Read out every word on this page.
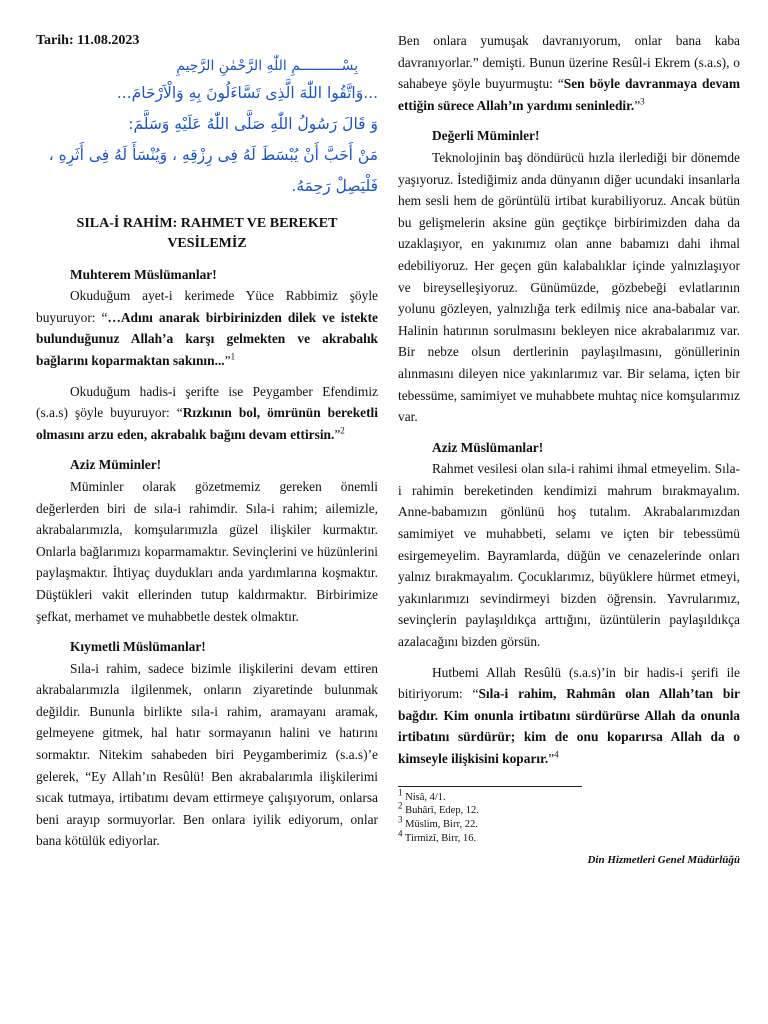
Tarih: 11.08.2023
بِسْــــــــــمِ اللّٰهِ الرَّحْمٰنِ الرَّحِيمِ
...وَاتَّقُوا اللّٰهَ الَّذِى تَسَّاءَلُونَ بِهِ وَالْاَرْحَامَ...
وَ قَالَ رَسُولُ اللّٰهِ صَلَّى اللّٰهُ عَلَيْهِ وَسَلَّمَ:
مَنْ أَحَبَّ أَنْ يُبْسَطَ لَهُ فِى رِزْقِهِ ، وَيُنْسَأَ لَهُ فِى أَثَرِهِ ،
فَلْيَصِلْ رَحِمَهُ.
SILA-İ RAHİM: RAHMET VE BEREKET VESİLEMİZ
Muhterem Müslümanlar!

Okuduğum ayet-i kerimede Yüce Rabbimiz şöyle buyuruyor: “…Adını anarak birbirinizden dilek ve istekte bulunduğunuz Allah’a karşı gelmekten ve akrabalık bağlarını koparmaktan sakının...”$^1$

Okuduğum hadis-i şerifte ise Peygamber Efendimiz (s.a.s) şöyle buyuruyor: “Rızkının bol, ömrünün bereketli olmasını arzu eden, akrabalık bağını devam ettirsin.”$^2$

Aziz Müminler!

Müminler olarak gözetmemiz gereken önemli değerlerden biri de sıla-i rahimdir. Sıla-i rahim; ailemizle, akrabalarımızla, komşularımızla güzel ilişkiler kurmaktır. Onlarla bağlarımızı koparmamaktır. Sevinçlerini ve hüzünlerini paylaşmaktır. İhtiyaç duydukları anda yardımlarına koşmaktır. Düştükleri vakit ellerinden tutup kaldırmaktır. Birbirimize şefkat, merhamet ve muhabbetle destek olmaktır.

Kıymetli Müslümanlar!

Sıla-i rahim, sadece bizimle ilişkilerini devam ettiren akrabalarımızla ilgilenmek, onların ziyaretinde bulunmak değildir. Bununla birlikte sıla-i rahim, aramayanı aramak, gelmeyene gitmek, hal hatır sormayanın halini ve hatırını sormaktır. Nitekim sahabeden biri Peygamberimiz (s.a.s)’e gelerek, “Ey Allah’ın Resûlü! Ben akrabalarımla ilişkilerimi sıcak tutmaya, irtibatımı devam ettirmeye çalışıyorum, onlarsa beni arayıp sormuyorlar. Ben onlara iyilik ediyorum, onlar bana kötülük ediyorlar.

Ben onlara yumuşak davranıyorum, onlar bana kaba davranıyorlar.” demişti. Bunun üzerine Resûl-i Ekrem (s.a.s), o sahabeye şöyle buyurmuştu: “Sen böyle davranmaya devam ettiğin sürece Allah’ın yardımı seninledir.”$^3$

Değerli Müminler!

Teknolojinin baş döndürücü hızla ilerlediği bir dönemde yaşıyoruz. İstediğimiz anda dünyanın diğer ucundaki insanlarla hem sesli hem de görüntülü irtibat kurabiliyoruz. Ancak bütün bu gelişmelerin aksine gün geçtikçe birbirimizden daha da uzaklaşıyor, en yakınımız olan anne babamızı dahi ihmal edebiliyoruz. Her geçen gün kalabalıklar içinde yalnızlaşıyor ve bireyselleşiyoruz. Günümüzde, gözbebeği evlatlarının yolunu gözleyen, yalnızlığa terk edilmiş nice ana-babalar var. Halinin hatırının sorulmasını bekleyen nice akrabalarımız var. Bir nebze olsun dertlerinin paylaşılmasını, gönüllerinin alınmasını dileyen nice yakınlarımız var. Bir selama, içten bir tebessüme, samimiyet ve muhabbete muhtaç nice komşularımız var.

Aziz Müslümanlar!

Rahmet vesilesi olan sıla-i rahimi ihmal etmeyelim. Sıla-i rahimin bereketinden kendimizi mahrum bırakmayalım. Anne-babamızın gönlünü hoş tutalım. Akrabalarımızdan samimiyet ve muhabbeti, selamı ve içten bir tebessümü esirgemeyelim. Bayramlarda, düğün ve cenazelerinde onları yalnız bırakmayalım. Çocuklarımız, büyüklere hürmet etmeyi, yakınlarımızı sevindirmeyi bizden öğrensin. Yavrularımız, sevinçlerin paylaşıldıkça arttığını, üzüntülerin paylaşıldıkça azalacağını bizden görsün.

Hutbemi Allah Resûlü (s.a.s)’in bir hadis-i şerifi ile bitiriyorum: “Sıla-i rahim, Rahmân olan Allah’tan bir bağdır. Kim onunla irtibatını sürdürürse Allah da onunla irtibatını sürdürür; kim de onu koparırsa Allah da o kimseyle ilişkisini koparır.”$^4$

$^1$ Nisâ, 4/1.
$^2$ Buhârî, Edep, 12.
$^3$ Müslim, Birr, 22.
$^4$ Tirmizî, Birr, 16.
Din Hizmetleri Genel Müdürlüğü
